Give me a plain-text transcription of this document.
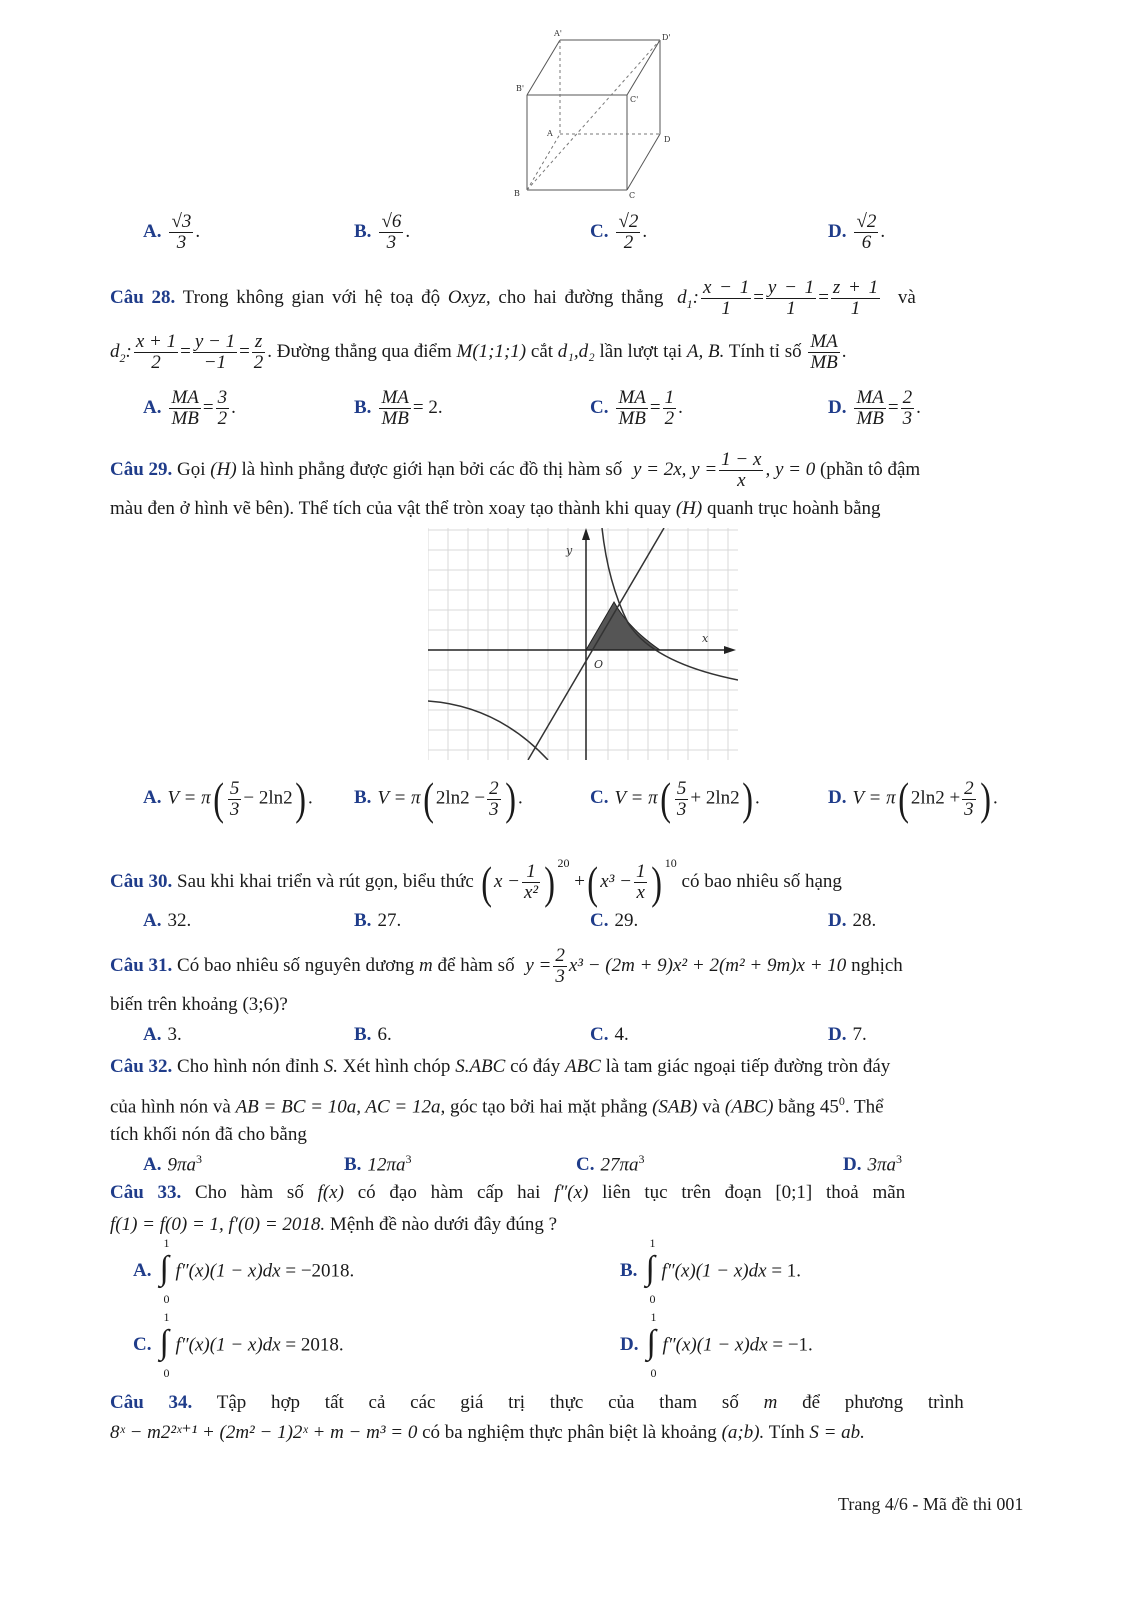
A'	D'
B'
C'
A
D
B	C
A. $\frac{√3}{3}$ .	B. $\frac{√6}{3}$ .	C. $\frac{√2}{2}$ .	D. $\frac{√2}{6}$ .
Câu 28. Trong không gian với hệ toạ độ Oxyz, cho hai đường thẳng $d_1$: $\frac{x - 1}{1} = \frac{y - 1}{1} = \frac{z + 1}{1}$ và
$d_2$: $\frac{x + 1}{2} = \frac{y - 1}{-1} = \frac{z}{2}$ . Đường thẳng qua điểm M(1;1;1) cắt d₁,d₂ lần lượt tại A, B. Tính tỉ số $\frac{MA}{MB}$ .
A. $\frac{MA}{MB} = \frac{3}{2}$ .	B. $\frac{MA}{MB} = 2$.	C. $\frac{MA}{MB} = \frac{1}{2}$ .	D. $\frac{MA}{MB} = \frac{2}{3}$ .
Câu 29. Gọi (H) là hình phẳng được giới hạn bởi các đồ thị hàm số y = 2x, $y = \frac{1 - x}{x}$ , y = 0 (phần tô đậm
màu đen ở hình vẽ bên). Thể tích của vật thể tròn xoay tạo thành khi quay (H) quanh trục hoành bằng
y
x
O
A. $V = \pi( \frac{5}{3} - 2\ln 2)$ . B. V = π( $2\ln 2 - \frac{2}{3}$ ) .	C. $V = \pi( \frac{5}{3} + 2\ln 2)$ .	D. V = π( $2\ln 2 + \frac{2}{3}$ ) .
Câu 30. Sau khi khai triển và rút gọn, biểu thức ( $x - \frac{1}{\text{x²}}$ ) $^{20}$ +( $x^3 - \frac{1}{x}$ ) $^{10}$ có bao nhiêu số hạng
A. 32.	B. 27.	C. 29.	D. 28.
Câu 31. Có bao nhiêu số nguyên dương m để hàm số $y = \frac{2}{3} x^3 - (2m + 9)x^2 + 2(m^2 + 9m)x + 10$ nghịch
biến trên khoảng (3;6)?
A. 3.	B. 6.	C. 4.	D. 7.
Câu 32. Cho hình nón đỉnh S. Xét hình chóp S.ABC có đáy ABC là tam giác ngoại tiếp đường tròn đáy
của hình nón và AB = BC = 10a, AC = 12a, góc tạo bởi hai mặt phẳng (SAB) và (ABC) bằng $45^0$. Thể
tích khối nón đã cho bằng
A. $9\pi a^3$	B. $12\pi a^3$	C. $27\pi a^3$	D. $3\pi a^3$
Câu 33. Cho hàm số f(x) có đạo hàm cấp hai f″(x) liên tục trên đoạn [0;1] thoả mãn
f(1) = f(0) = 1, f′(0) = 2018. Mệnh đề nào dưới đây đúng ?
A.
1
∫
0
f″(x)(1 − x)dx = −2018.	B.
1
∫
0
f″(x)(1 − x)dx = 1.
C.
1
∫
0
f″(x)(1 − x)dx = 2018.	D.
1
∫
0
f″(x)(1 − x)dx = −1.
Câu 34. Tập hợp tất cả các giá trị thực của tham số m để phương trình
8ˣ − m2²ˣ⁺¹ + (2m² − 1)2ˣ + m − m³ = 0 có ba nghiệm thực phân biệt là khoảng (a;b). Tính S = ab.
Trang 4/6 - Mã đề thi 001
